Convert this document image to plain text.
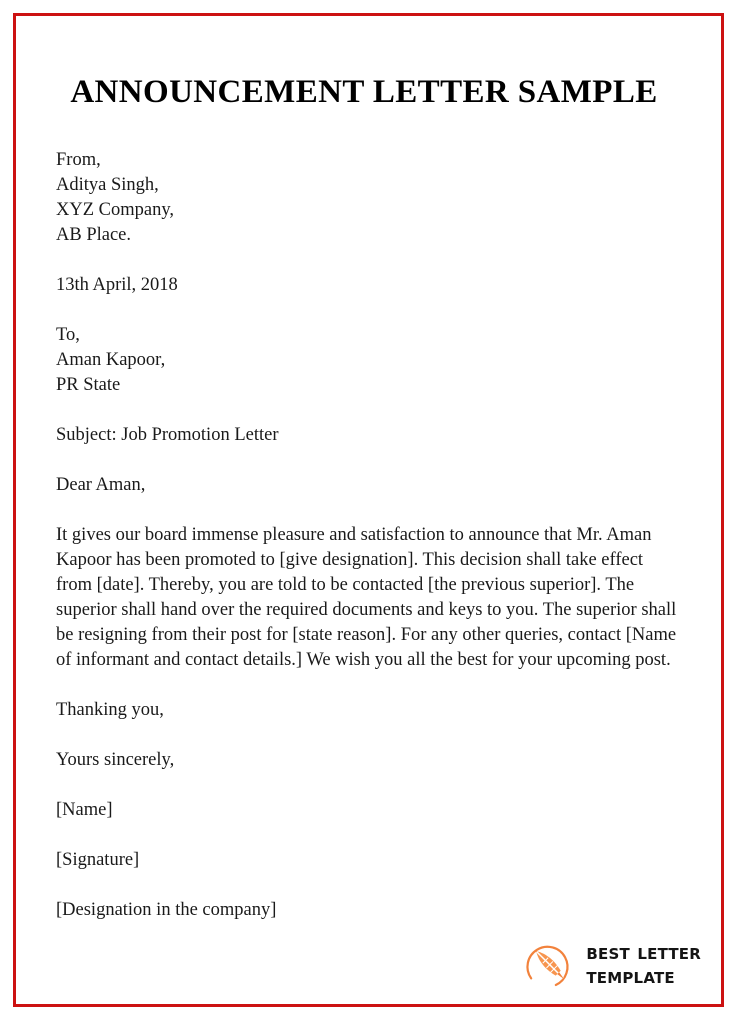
ANNOUNCEMENT LETTER SAMPLE
From,
Aditya Singh,
XYZ Company,
AB Place.

13th April, 2018

To,
Aman Kapoor,
PR State

Subject: Job Promotion Letter

Dear Aman,

It gives our board immense pleasure and satisfaction to announce that Mr. Aman Kapoor has been promoted to [give designation]. This decision shall take effect from [date]. Thereby, you are told to be contacted [the previous superior]. The superior shall hand over the required documents and keys to you. The superior shall be resigning from their post for [state reason]. For any other queries, contact [Name of informant and contact details.] We wish you all the best for your upcoming post.

Thanking you,

Yours sincerely,

[Name]

[Signature]

[Designation in the company]

best letter
template
